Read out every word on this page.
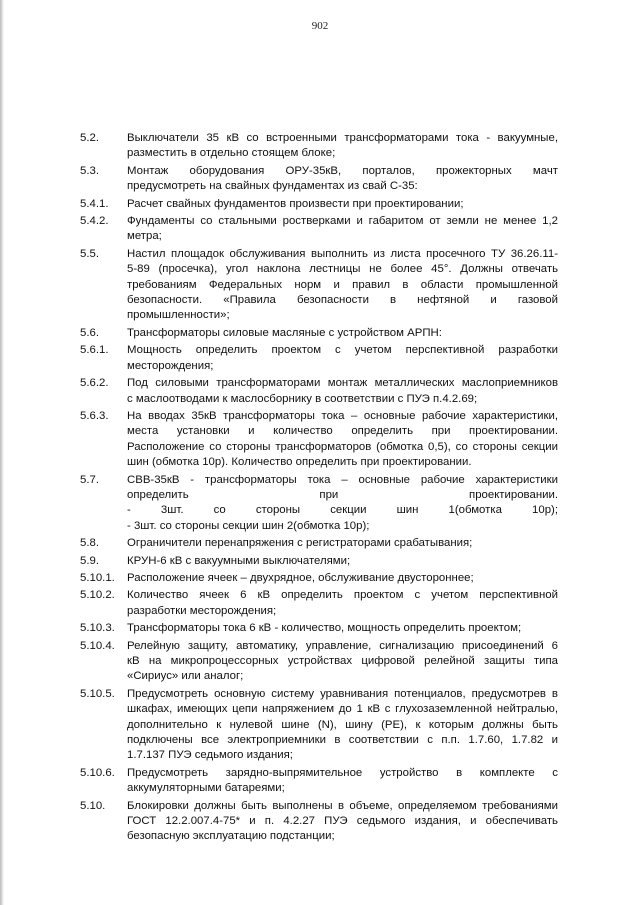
902
5.2.	Выключатели 35 кВ со встроенными трансформаторами тока - вакуумные,
разместить в отдельно стоящем блоке;
5.3.	Монтаж оборудования ОРУ-35кВ, порталов, прожекторных мачт
предусмотреть на свайных фундаментах из свай С-35:
5.4.1.	Расчет свайных фундаментов произвести при проектировании;
5.4.2.	Фундаменты со стальными ростверками и габаритом от земли не менее 1,2
метра;
5.5.	Настил площадок обслуживания выполнить из листа просечного ТУ 36.26.11-
5-89 (просечка), угол наклона лестницы не более 45°. Должны отвечать
требованиям Федеральных норм и правил в области промышленной
безопасности. «Правила безопасности в нефтяной и газовой
промышленности»;
5.6.	Трансформаторы силовые масляные с устройством АРПН:
5.6.1.	Мощность определить проектом с учетом перспективной разработки
месторождения;
5.6.2.	Под силовыми трансформаторами монтаж металлических маслоприемников
с маслоотводами к маслосборнику в соответствии с ПУЭ п.4.2.69;
5.6.3.	На вводах 35кВ трансформаторы тока – основные рабочие характеристики,
места установки и количество определить при проектировании.
Расположение со стороны трансформаторов (обмотка 0,5), со стороны секции
шин (обмотка 10р). Количество определить при проектировании.
5.7.	СВВ-35кВ - трансформаторы тока – основные рабочие характеристики
определить при проектировании.
- 3шт. со стороны секции шин 1(обмотка 10р);
- 3шт. со стороны секции шин 2(обмотка 10р);
5.8.	Ограничители перенапряжения с регистраторами срабатывания;
5.9.	КРУН-6 кВ с вакуумными выключателями;
5.10.1.	Расположение ячеек – двухрядное, обслуживание двустороннее;
5.10.2.	Количество ячеек 6 кВ определить проектом с учетом перспективной
разработки месторождения;
5.10.3.	Трансформаторы тока 6 кВ - количество, мощность определить проектом;
5.10.4.	Релейную защиту, автоматику, управление, сигнализацию присоединений 6
кВ на микропроцессорных устройствах цифровой релейной защиты типа
«Сириус» или аналог;
5.10.5.	Предусмотреть основную систему уравнивания потенциалов, предусмотрев в
шкафах, имеющих цепи напряжением до 1 кВ с глухозаземленной нейтралью,
дополнительно к нулевой шине (N), шину (РЕ), к которым должны быть
подключены все электроприемники в соответствии с п.п. 1.7.60, 1.7.82 и
1.7.137 ПУЭ седьмого издания;
5.10.6.	Предусмотреть зарядно-выпрямительное устройство в комплекте с
аккумуляторными батареями;
5.10.	Блокировки должны быть выполнены в объеме, определяемом требованиями
ГОСТ 12.2.007.4-75* и п. 4.2.27 ПУЭ седьмого издания, и обеспечивать
безопасную эксплуатацию подстанции;
